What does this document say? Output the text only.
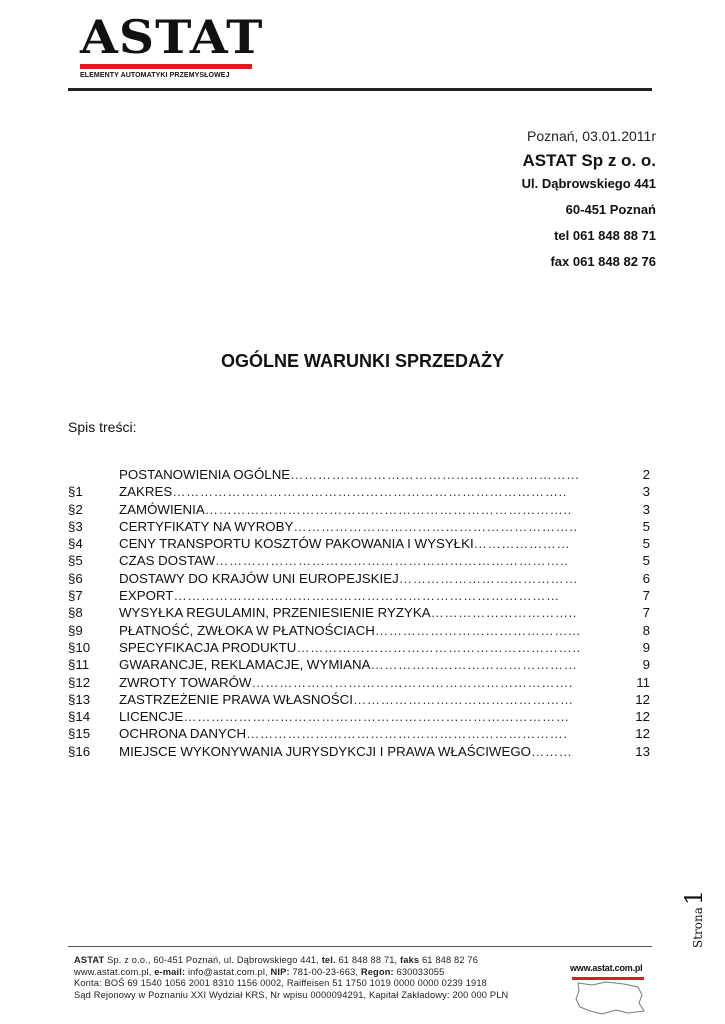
ASTAT
ELEMENTY AUTOMATYKI PRZEMYSŁOWEJ
Poznań, 03.01.2011r
ASTAT Sp z o. o.
Ul. Dąbrowskiego 441
60-451 Poznań
tel 061 848 88 71
fax 061 848 82 76
OGÓLNE WARUNKI SPRZEDAŻY
Spis treści:
POSTANOWIENIA OGÓLNE………………………………………………………	2
§1	ZAKRES…………………………………………………………………………..	3
§2	ZAMÓWIENIA……………………………………………………………………..	3
§3	CERTYFIKATY NA WYROBY……………………………………………………..	5
§4	CENY TRANSPORTU KOSZTÓW PAKOWANIA I WYSYŁKI…………………	5
§5	CZAS DOSTAW…………………………………………………………………..	5
§6	DOSTAWY DO KRAJÓW UNI EUROPEJSKIEJ…………………………………	6
§7	EXPORT…………………………………………………………………………	7
§8	WYSYŁKA REGULAMIN, PRZENIESIENIE RYZYKA…………………………..	7
§9	PŁATNOŚĆ, ZWŁOKA W PŁATNOŚCIACH……………………………………...	8
§10 SPECYFIKACJA PRODUKTU……………………………………………………..	9
§11 GWARANCJE, REKLAMACJE, WYMIANA………………………………………	9
§12 ZWROTY TOWARÓW…………………………………………………………….	11
§13 ZASTRZEŻENIE PRAWA WŁASNOŚCI…………………………………………	12
§14 LICENCJE…………………………………………………………………………	12
§15 OCHRONA DANYCH…………………………………………………………….	12
§16 MIEJSCE WYKONYWANIA JURYSDYKCJI I PRAWA WŁAŚCIWEGO………	13
Strona1
ASTAT Sp. z o.o., 60-451 Poznań, ul. Dąbrowskiego 441, tel. 61 848 88 71, faks 61 848 82 76
www.astat.com.pl, e-mail: info@astat.com.pl, NIP: 781-00-23-663, Regon: 630033055
Konta: BOŚ 69 1540 1056 2001 8310 1156 0002, Raiffeisen 51 1750 1019 0000 0000 0239 1918
Sąd Rejonowy w Poznaniu XXI Wydział KRS, Nr wpisu 0000094291, Kapitał Zakładowy: 200 000 PLN
www.astat.com.pl
